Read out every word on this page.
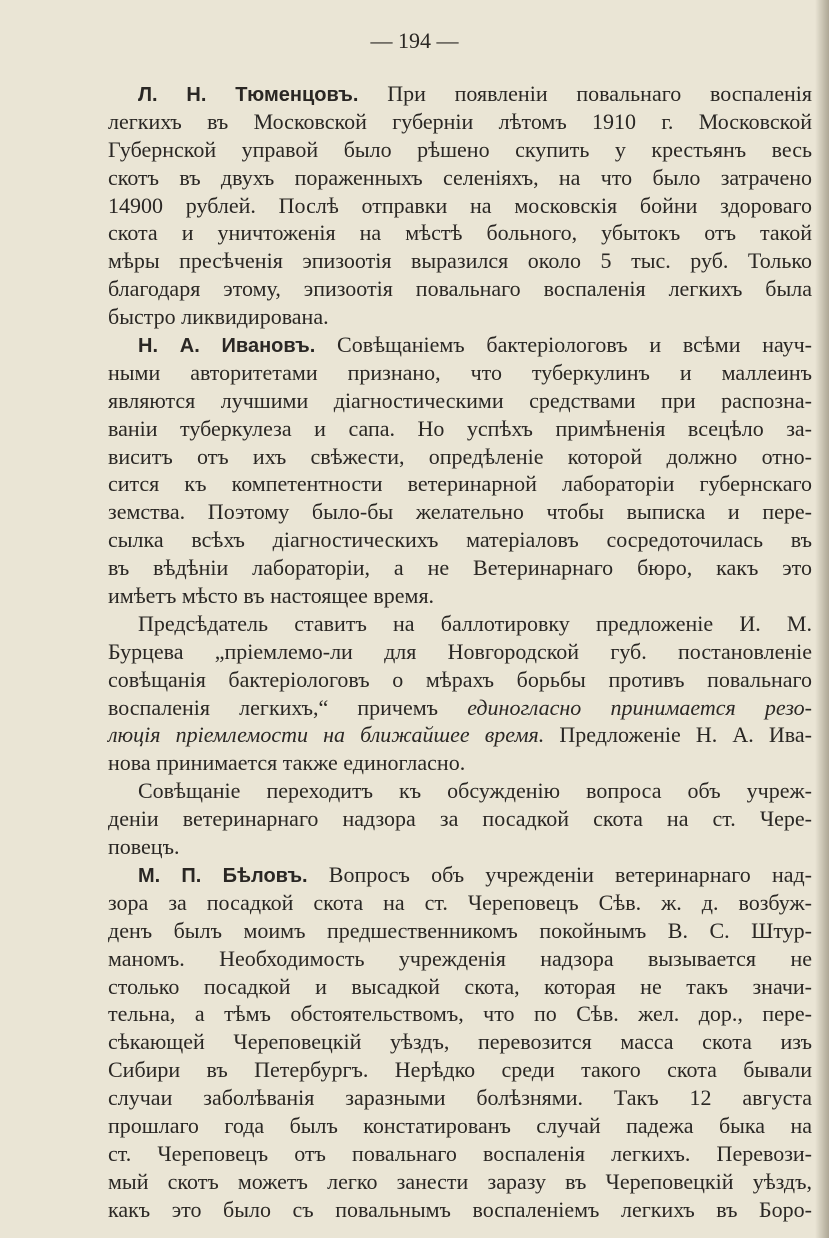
— 194 —
Л. Н. Тюменцовъ. При появленіи повальнаго воспаленія
легкихъ въ Московской губерніи лѣтомъ 1910 г. Московской
Губернской управой было рѣшено скупить у крестьянъ весь
скотъ въ двухъ пораженныхъ селеніяхъ, на что было затрачено
14900 рублей. Послѣ отправки на московскія бойни здороваго
скота и уничтоженія на мѣстѣ больного, убытокъ отъ такой
мѣры пресѣченія эпизоотія выразился около 5 тыс. руб. Только
благодаря этому, эпизоотія повальнаго воспаленія легкихъ была
быстро ликвидирована.
Н. А. Ивановъ. Совѣщаніемъ бактеріологовъ и всѣми науч-
ными авторитетами признано, что туберкулинъ и маллеинъ
являются лучшими діагностическими средствами при распозна-
ваніи туберкулеза и сапа. Но успѣхъ примѣненія всецѣло за-
виситъ отъ ихъ свѣжести, опредѣленіе которой должно отно-
сится къ компетентности ветеринарной лабораторіи губернскаго
земства. Поэтому было-бы желательно чтобы выписка и пере-
сылка всѣхъ діагностическихъ матеріаловъ сосредоточилась въ
въ вѣдѣніи лабораторіи, а не Ветеринарнаго бюро, какъ это
имѣетъ мѣсто въ настоящее время.
Предсѣдатель ставитъ на баллотировку предложеніе И. М.
Бурцева „пріемлемо-ли для Новгородской губ. постановленіе
совѣщанія бактеріологовъ о мѣрахъ борьбы противъ повальнаго
воспаленія легкихъ,“ причемъ единогласно принимается резо-
люція пріемлемости на ближайшее время. Предложеніе Н. А. Ива-
нова принимается также единогласно.
Совѣщаніе переходитъ къ обсужденію вопроса объ учреж-
деніи ветеринарнаго надзора за посадкой скота на ст. Чере-
повецъ.
М. П. Бѣловъ. Вопросъ объ учрежденіи ветеринарнаго над-
зора за посадкой скота на ст. Череповецъ Сѣв. ж. д. возбуж-
денъ былъ моимъ предшественникомъ покойнымъ В. С. Штур-
маномъ. Необходимость учрежденія надзора вызывается не
столько посадкой и высадкой скота, которая не такъ значи-
тельна, а тѣмъ обстоятельствомъ, что по Сѣв. жел. дор., пере-
сѣкающей Череповецкій уѣздъ, перевозится масса скота изъ
Сибири въ Петербургъ. Нерѣдко среди такого скота бывали
случаи заболѣванія заразными болѣзнями. Такъ 12 августа
прошлаго года былъ констатированъ случай падежа быка на
ст. Череповецъ отъ повальнаго воспаленія легкихъ. Перевози-
мый скотъ можетъ легко занести заразу въ Череповецкій уѣздъ,
какъ это было съ повальнымъ воспаленіемъ легкихъ въ Боро-
